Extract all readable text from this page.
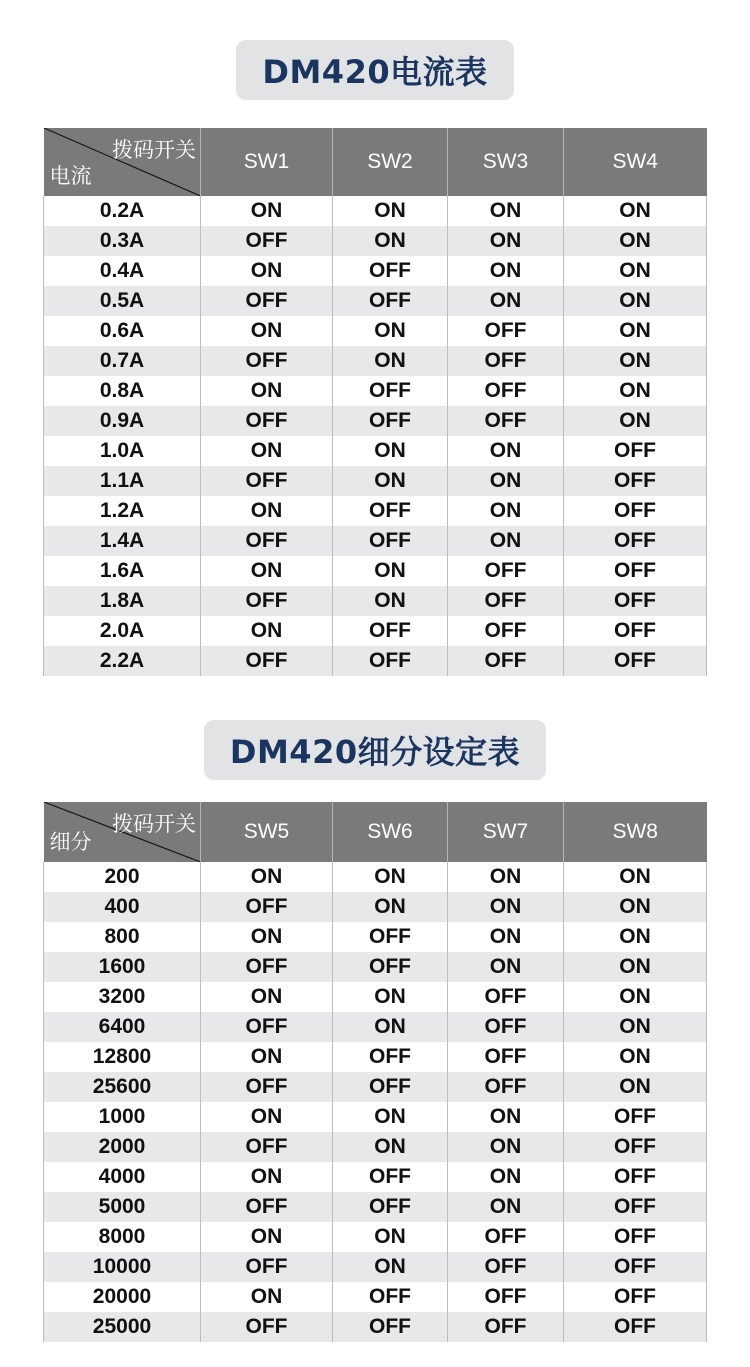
DM420电流表
拨码开关
电流	SW1	SW2	SW3	SW4
0.2A	ON	ON	ON	ON
0.3A	OFF	ON	ON	ON
0.4A	ON	OFF	ON	ON
0.5A	OFF	OFF	ON	ON
0.6A	ON	ON	OFF	ON
0.7A	OFF	ON	OFF	ON
0.8A	ON	OFF	OFF	ON
0.9A	OFF	OFF	OFF	ON
1.0A	ON	ON	ON	OFF
1.1A	OFF	ON	ON	OFF
1.2A	ON	OFF	ON	OFF
1.4A	OFF	OFF	ON	OFF
1.6A	ON	ON	OFF	OFF
1.8A	OFF	ON	OFF	OFF
2.0A	ON	OFF	OFF	OFF
2.2A	OFF	OFF	OFF	OFF
DM420细分设定表
拨码开关
细分	SW5	SW6	SW7	SW8
200	ON	ON	ON	ON
400	OFF	ON	ON	ON
800	ON	OFF	ON	ON
1600	OFF	OFF	ON	ON
3200	ON	ON	OFF	ON
6400	OFF	ON	OFF	ON
12800	ON	OFF	OFF	ON
25600	OFF	OFF	OFF	ON
1000	ON	ON	ON	OFF
2000	OFF	ON	ON	OFF
4000	ON	OFF	ON	OFF
5000	OFF	OFF	ON	OFF
8000	ON	ON	OFF	OFF
10000	OFF	ON	OFF	OFF
20000	ON	OFF	OFF	OFF
25000	OFF	OFF	OFF	OFF
